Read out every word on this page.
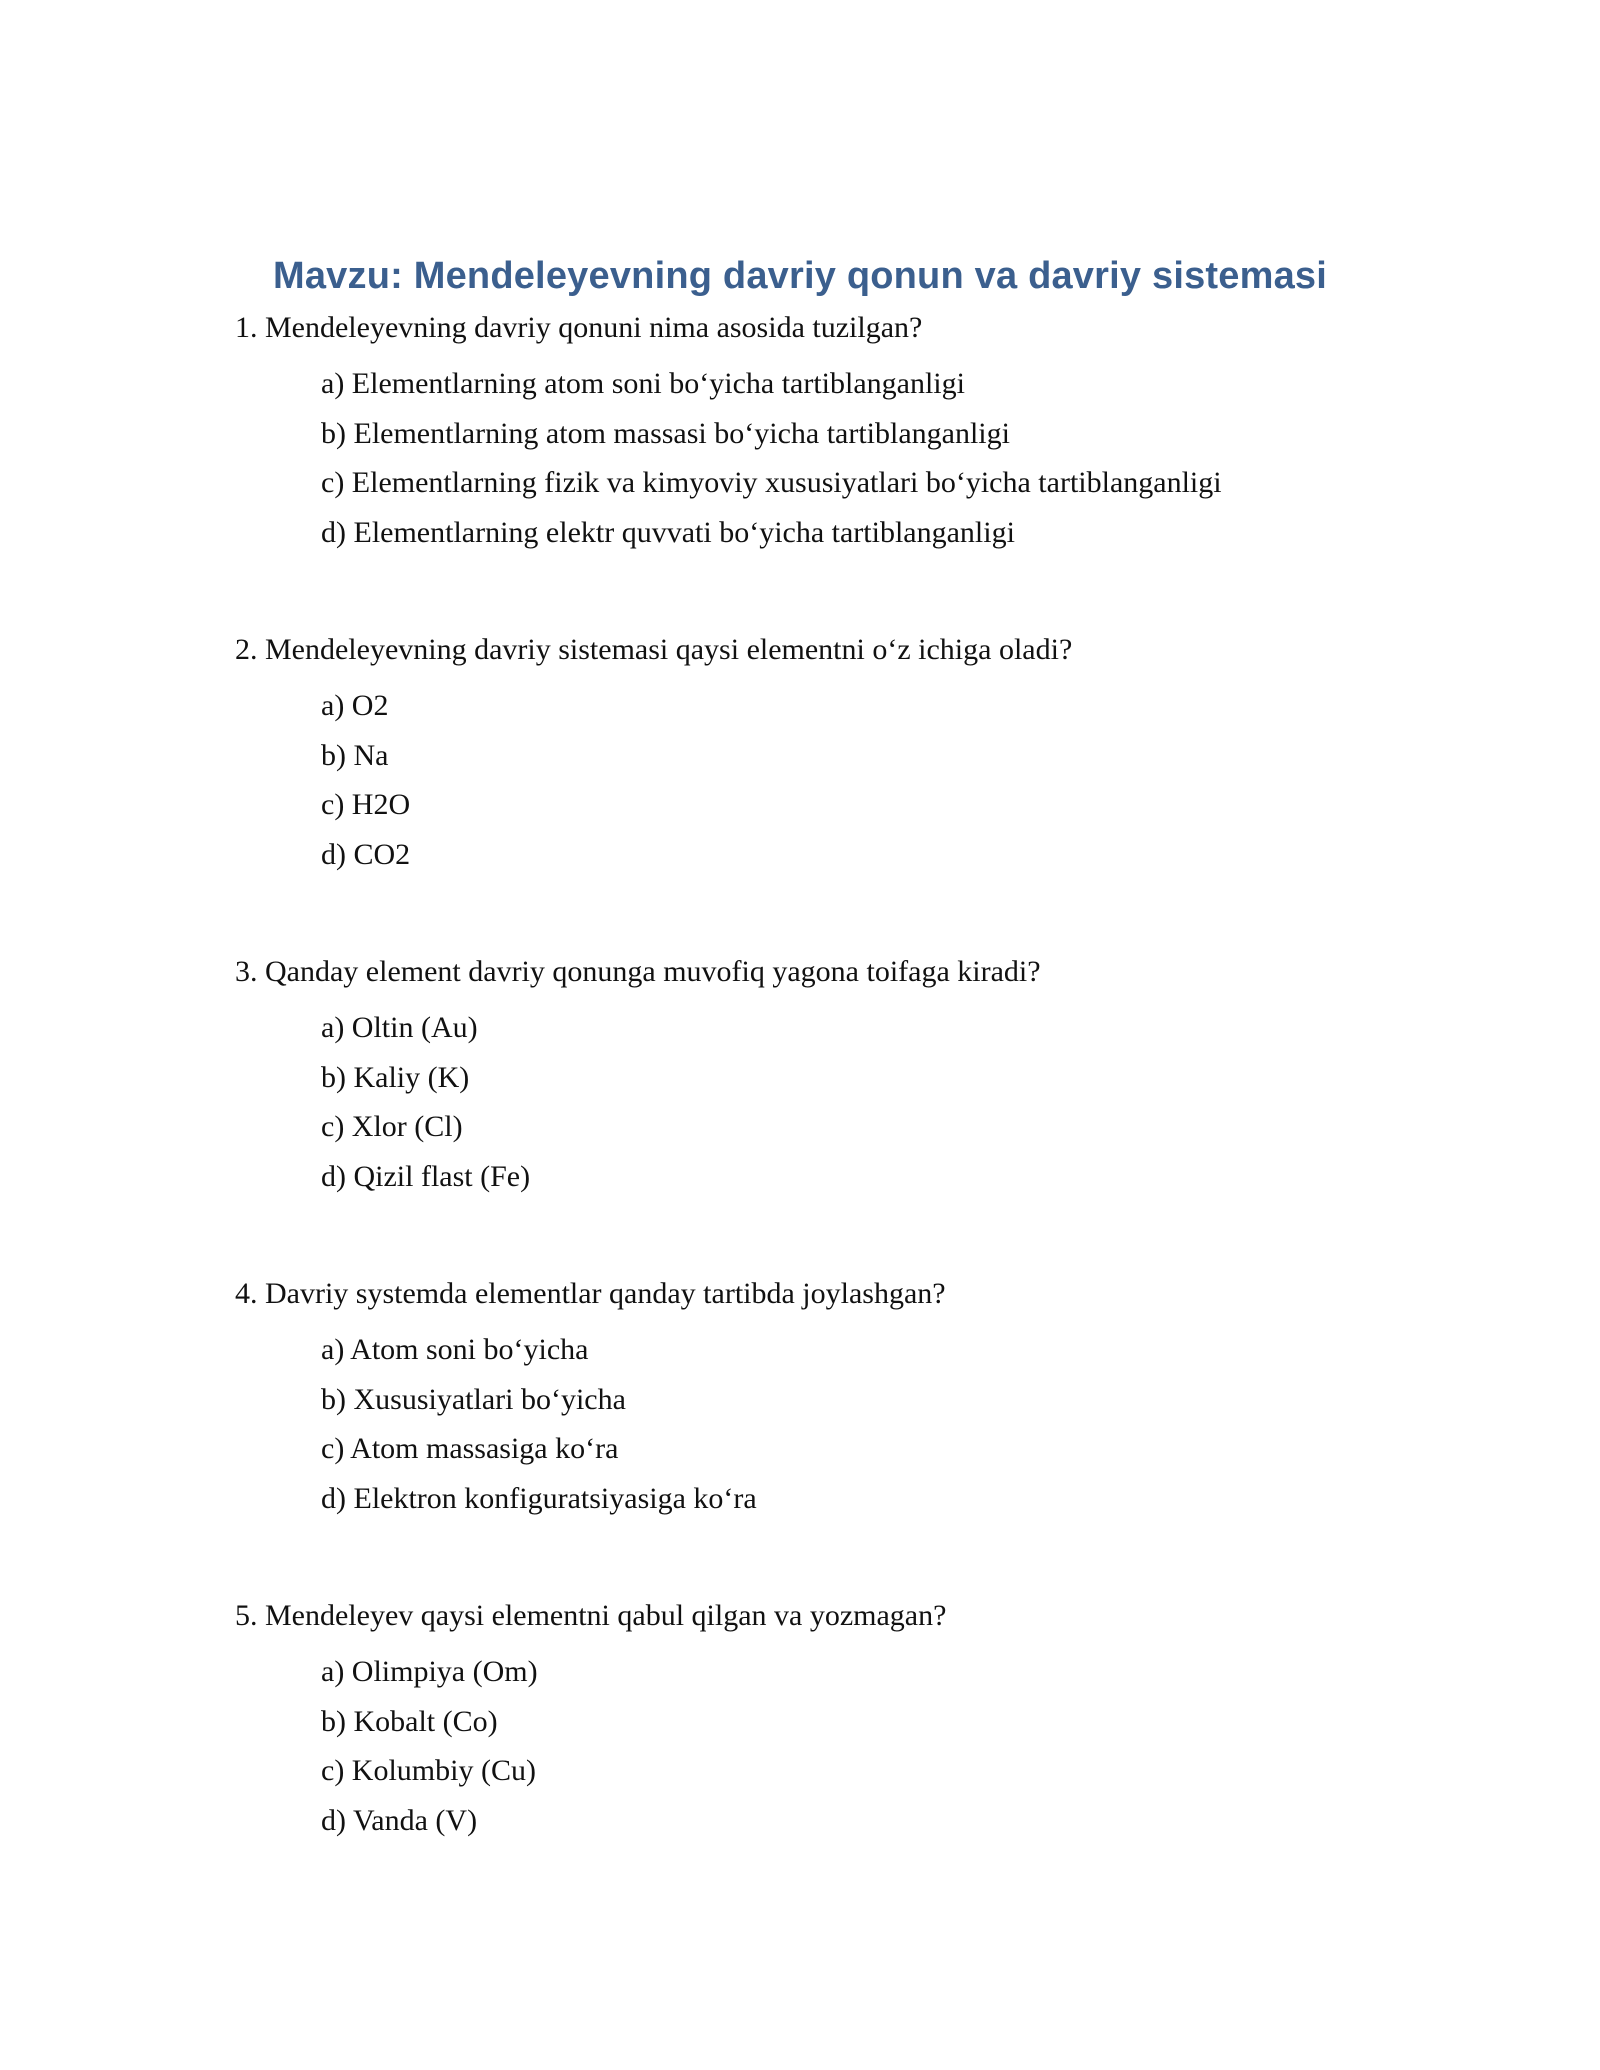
Mavzu: Mendeleyevning davriy qonun va davriy sistemasi

1. Mendeleyevning davriy qonuni nima asosida tuzilgan?

a) Elementlarning atom soni bo‘yicha tartiblanganligi
b) Elementlarning atom massasi bo‘yicha tartiblanganligi
c) Elementlarning fizik va kimyoviy xususiyatlari bo‘yicha tartiblanganligi
d) Elementlarning elektr quvvati bo‘yicha tartiblanganligi

2. Mendeleyevning davriy sistemasi qaysi elementni o‘z ichiga oladi?

a) O2
b) Na
c) H2O
d) CO2

3. Qanday element davriy qonunga muvofiq yagona toifaga kiradi?

a) Oltin (Au)
b) Kaliy (K)
c) Xlor (Cl)
d) Qizil flast (Fe)

4. Davriy systemda elementlar qanday tartibda joylashgan?

a) Atom soni bo‘yicha
b) Xususiyatlari bo‘yicha
c) Atom massasiga ko‘ra
d) Elektron konfiguratsiyasiga ko‘ra

5. Mendeleyev qaysi elementni qabul qilgan va yozmagan?

a) Olimpiya (Om)
b) Kobalt (Co)
c) Kolumbiy (Cu)
d) Vanda (V)
